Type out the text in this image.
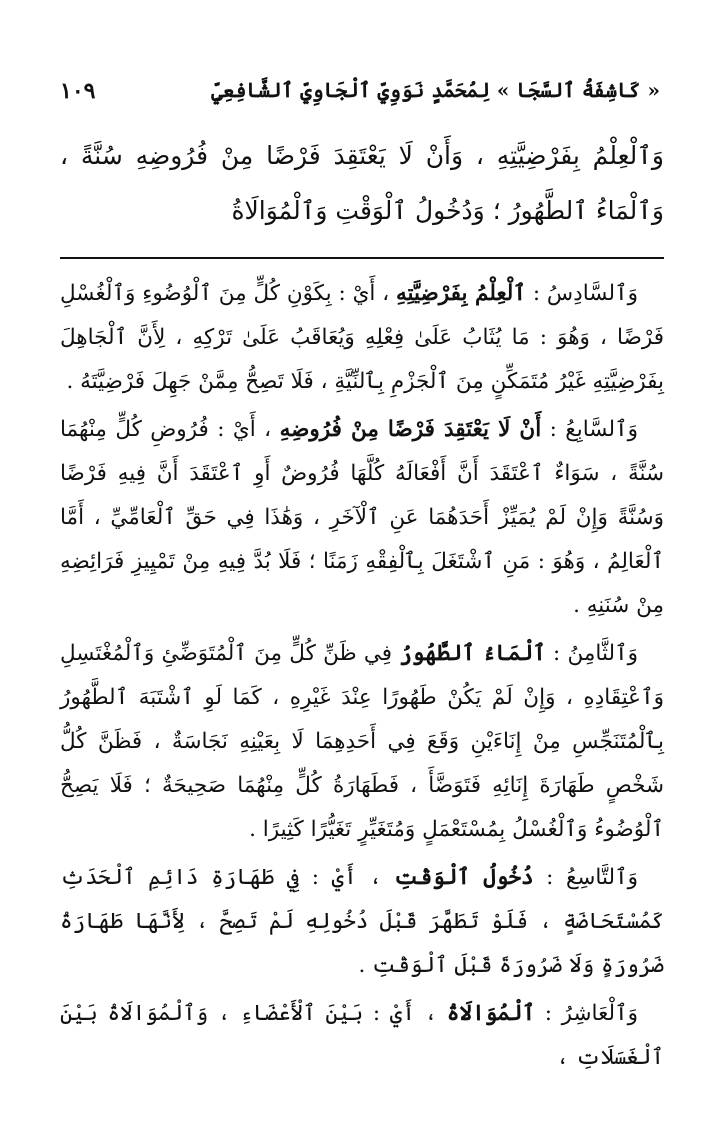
« كَاشِفَةُ ٱلسَّجَا » لِمُحَمَّدٍ نَوَوِيِّ ٱلْجَاوِيِّ ٱلشَّافِعِيِّ
١٠٩
وَٱلْعِلْمُ بِفَرْضِيَّتِهِ ، وَأَنْ لَا يَعْتَقِدَ فَرْضًا مِنْ فُرُوضِهِ سُنَّةً ، وَٱلْمَاءُ ٱلطَّهُورُ ؛ وَدُخُولُ ٱلْوَقْتِ وَٱلْمُوَالَاةُ

وَٱلسَّادِسُ : ٱلْعِلْمُ بِفَرْضِيَّتِهِ ، أَيْ : بِكَوْنِ كُلٍّ مِنَ ٱلْوُضُوءِ وَٱلْغُسْلِ فَرْضًا ، وَهُوَ : مَا يُثَابُ عَلَىٰ فِعْلِهِ وَيُعَاقَبُ عَلَىٰ تَرْكِهِ ، لِأَنَّ ٱلْجَاهِلَ بِفَرْضِيَّتِهِ غَيْرُ مُتَمَكِّنٍ مِنَ ٱلْجَزْمِ بِٱلنِّيَّةِ ، فَلَا تَصِحُّ مِمَّنْ جَهِلَ فَرْضِيَّتَهُ .

وَٱلسَّابِعُ : أَنْ لَا يَعْتَقِدَ فَرْضًا مِنْ فُرُوضِهِ ، أَيْ : فُرُوضِ كُلٍّ مِنْهُمَا سُنَّةً ، سَوَاءٌ ٱعْتَقَدَ أَنَّ أَفْعَالَهُ كُلَّهَا فُرُوضٌ أَوِ ٱعْتَقَدَ أَنَّ فِيهِ فَرْضًا وَسُنَّةً وَإِنْ لَمْ يُمَيِّزْ أَحَدَهُمَا عَنِ ٱلْآخَرِ ، وَهَٰذَا فِي حَقِّ ٱلْعَامِّيِّ ، أَمَّا ٱلْعَالِمُ ، وَهُوَ : مَنِ ٱشْتَغَلَ بِٱلْفِقْهِ زَمَنًا ؛ فَلَا بُدَّ فِيهِ مِنْ تَمْيِيزِ فَرَائِضِهِ مِنْ سُنَنِهِ .

وَٱلثَّامِنُ : ٱلْمَاءُ ٱلطَّهُورُ فِي ظَنِّ كُلٍّ مِنَ ٱلْمُتَوَضِّئِ وَٱلْمُغْتَسِلِ وَٱعْتِقَادِهِ ، وَإِنْ لَمْ يَكُنْ طَهُورًا عِنْدَ غَيْرِهِ ، كَمَا لَوِ ٱشْتَبَهَ ٱلطَّهُورُ بِٱلْمُتَنَجِّسِ مِنْ إِنَاءَيْنِ وَقَعَ فِي أَحَدِهِمَا لَا بِعَيْنِهِ نَجَاسَةٌ ، فَظَنَّ كُلُّ شَخْصٍ طَهَارَةَ إِنَائِهِ فَتَوَضَّأَ ، فَطَهَارَةُ كُلٍّ مِنْهُمَا صَحِيحَةٌ ؛ فَلَا يَصِحُّ ٱلْوُضُوءُ وَٱلْغُسْلُ بِمُسْتَعْمَلٍ وَمُتَغَيِّرٍ تَغَيُّرًا كَثِيرًا .

وَٱلتَّاسِعُ : دُخُولُ ٱلْوَقْتِ ، أَيْ : فِي طَهَارَةِ دَائِمِ ٱلْحَدَثِ كَمُسْتَحَاضَةٍ ، فَلَوْ تَطَهَّرَ قَبْلَ دُخُولِهِ لَمْ تَصِحَّ ، لِأَنَّهَا طَهَارَةُ ضَرُورَةٍ وَلَا ضَرُورَةَ قَبْلَ ٱلْوَقْتِ .

وَٱلْعَاشِرُ : ٱلْمُوَالَاةُ ، أَيْ : بَيْنَ ٱلْأَعْضَاءِ ، وَٱلْمُوَالَاةُ بَيْنَ ٱلْغَسَلَاتِ ،
